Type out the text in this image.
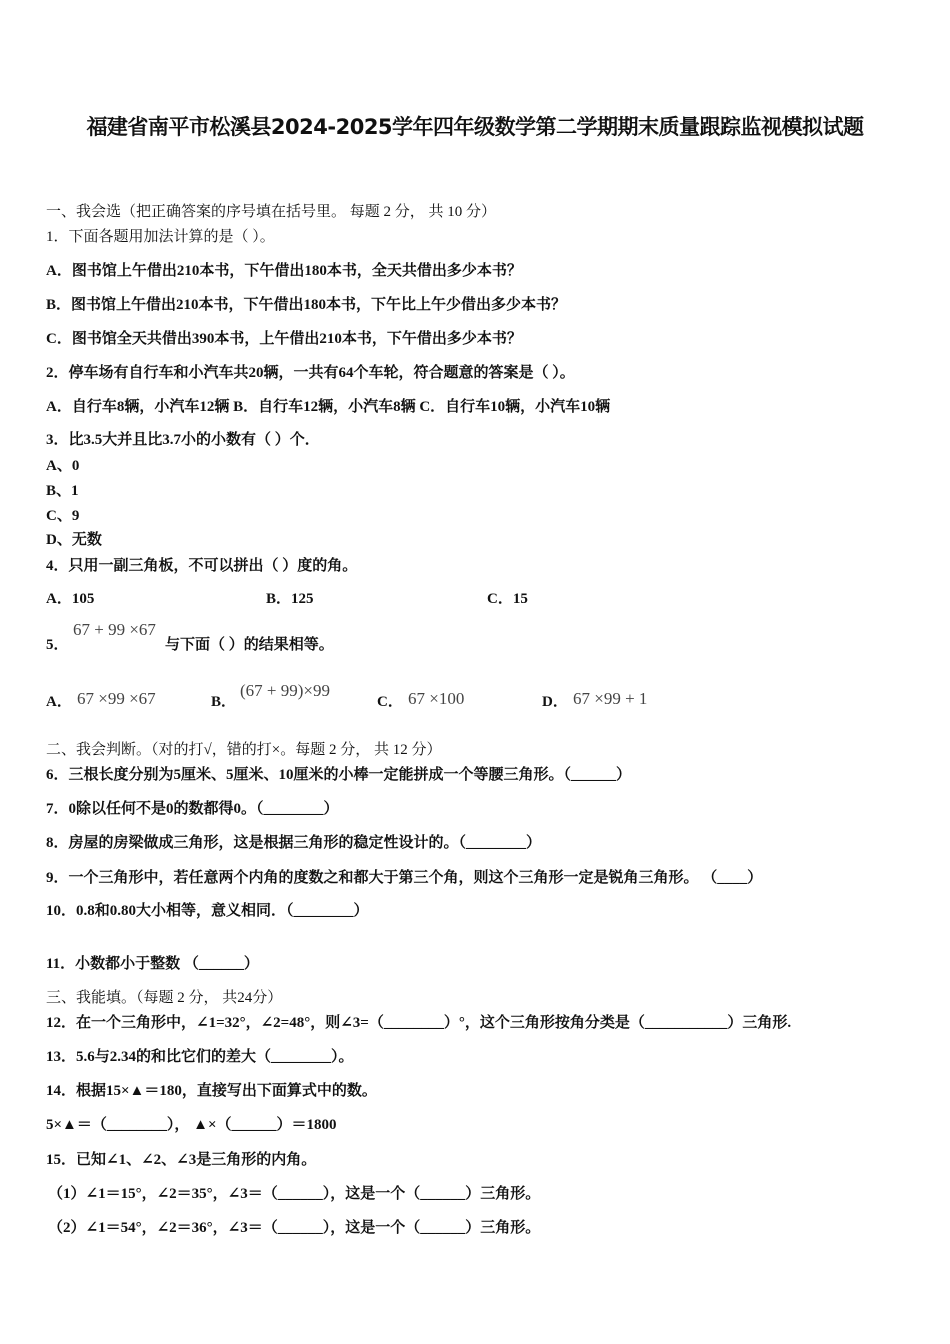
福建省南平市松溪县2024-2025学年四年级数学第二学期期末质量跟踪监视模拟试题
一、我会选（把正确答案的序号填在括号里。 每题 2 分， 共 10 分）
1．下面各题用加法计算的是（ ）。
A．图书馆上午借出210本书，下午借出180本书，全天共借出多少本书？
B．图书馆上午借出210本书，下午借出180本书，下午比上午少借出多少本书？
C．图书馆全天共借出390本书，上午借出210本书，下午借出多少本书？
2．停车场有自行车和小汽车共20辆，一共有64个车轮，符合题意的答案是（ ）。
A．自行车8辆，小汽车12辆 B．自行车12辆，小汽车8辆 C．自行车10辆，小汽车10辆
3．比3.5大并且比3.7小的小数有（ ）个．
A、0
B、1
C、9
D、无数
4．只用一副三角板，不可以拼出（ ）度的角。
A．105	B．125	C．15
5．
67 + 99 ×67
与下面（ ）的结果相等。
A． 67 ×99 ×67	B．
(67 + 99)×99
C． 67 ×100	D． 67 ×99 + 1
二、我会判断。（对的打√，错的打×。每题 2 分， 共 12 分）
6．三根长度分别为5厘米、5厘米、10厘米的小棒一定能拼成一个等腰三角形。（______）
7．0除以任何不是0的数都得0。（________）
8．房屋的房梁做成三角形，这是根据三角形的稳定性设计的。（________）
9．一个三角形中，若任意两个内角的度数之和都大于第三个角，则这个三角形一定是锐角三角形。 （____）
10．0.8和0.80大小相等，意义相同．（________）
11．小数都小于整数 （______）
三、我能填。（每题 2 分， 共24分）
12．在一个三角形中，∠1=32°，∠2=48°，则∠3=（________）°，这个三角形按角分类是（___________）三角形.
13．5.6与2.34的和比它们的差大（________）。
14．根据15×▲＝180，直接写出下面算式中的数。
5×▲＝（________）， ▲×（______）＝1800
15．已知∠1、∠2、∠3是三角形的内角。
（1）∠1＝15°，∠2＝35°，∠3＝（______），这是一个（______）三角形。
（2）∠1＝54°，∠2＝36°，∠3＝（______），这是一个（______）三角形。
